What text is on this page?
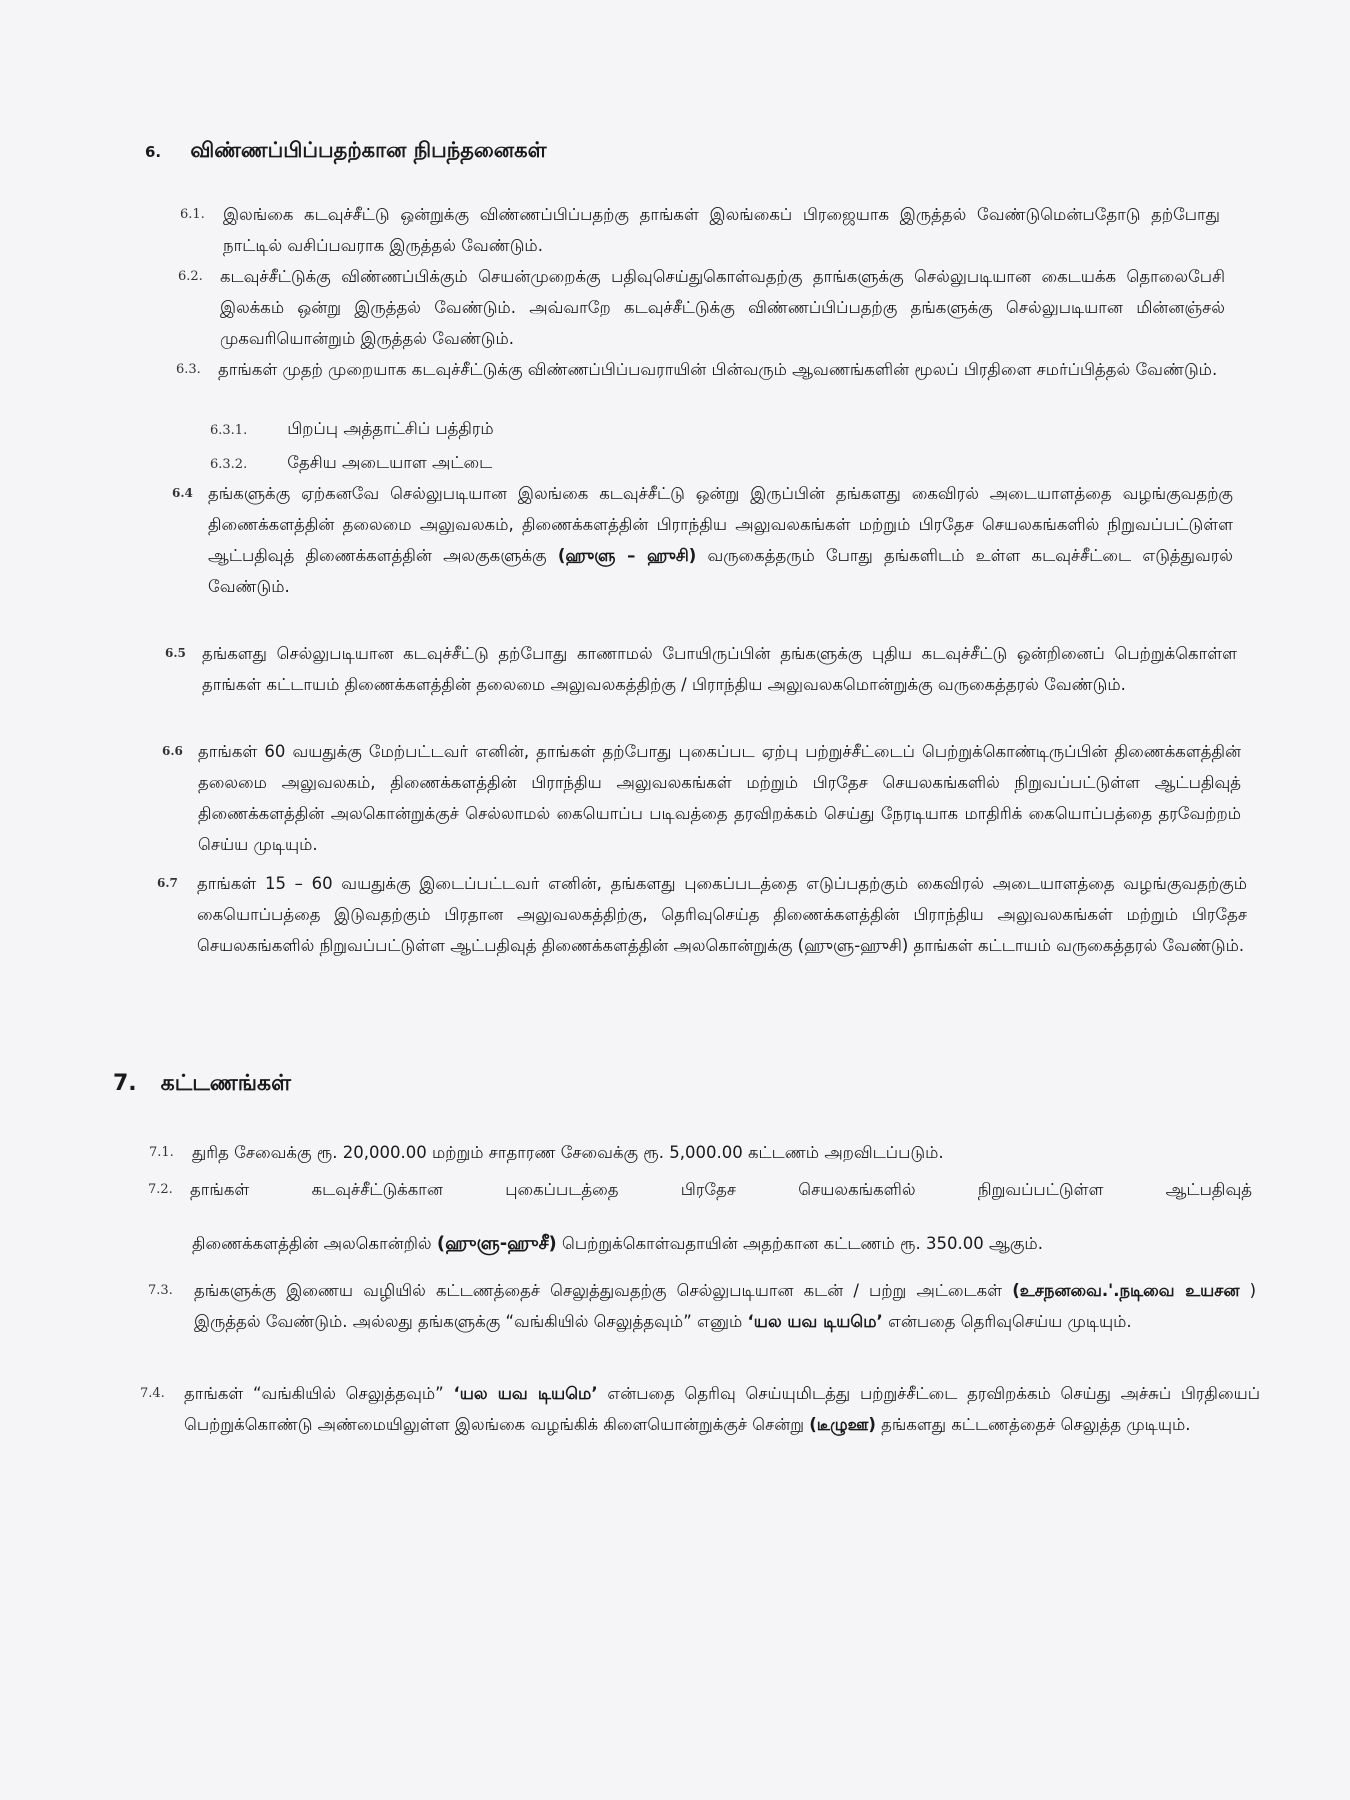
6. விண்ணப்பிப்பதற்கான நிபந்தனைகள்
6.1. இலங்கை கடவுச்சீட்டு ஒன்றுக்கு விண்ணப்பிப்பதற்கு தாங்கள் இலங்கைப் பிரஜையாக இருத்தல் வேண்டுமென்பதோடு தற்போது நாட்டில் வசிப்பவராக இருத்தல் வேண்டும்.
6.2. கடவுச்சீட்டுக்கு விண்ணப்பிக்கும் செயன்முறைக்கு பதிவுசெய்துகொள்வதற்கு தாங்களுக்கு செல்லுபடியான கைடயக்க தொலைபேசி இலக்கம் ஒன்று இருத்தல் வேண்டும். அவ்வாறே கடவுச்சீட்டுக்கு விண்ணப்பிப்பதற்கு தங்களுக்கு செல்லுபடியான மின்னஞ்சல் முகவரியொன்றும் இருத்தல் வேண்டும்.
6.3. தாங்கள் முதற் முறையாக கடவுச்சீட்டுக்கு விண்ணப்பிப்பவராயின் பின்வரும் ஆவணங்களின் மூலப் பிரதிளை சமர்ப்பித்தல் வேண்டும்.
6.3.1. பிறப்பு அத்தாட்சிப் பத்திரம்
6.3.2. தேசிய அடையாள அட்டை
6.4 தங்களுக்கு ஏற்கனவே செல்லுபடியான இலங்கை கடவுச்சீட்டு ஒன்று இருப்பின் தங்களது கைவிரல் அடையாளத்தை வழங்குவதற்கு திணைக்களத்தின் தலைமை அலுவலகம், திணைக்களத்தின் பிராந்திய அலுவலகங்கள் மற்றும் பிரதேச செயலகங்களில் நிறுவப்பட்டுள்ள ஆட்பதிவுத் திணைக்களத்தின் அலகுகளுக்கு (ஹுளு – ஹுசி) வருகைத்தரும் போது தங்களிடம் உள்ள கடவுச்சீட்டை எடுத்துவரல் வேண்டும்.
6.5 தங்களது செல்லுபடியான கடவுச்சீட்டு தற்போது காணாமல் போயிருப்பின் தங்களுக்கு புதிய கடவுச்சீட்டு ஒன்றினைப் பெற்றுக்கொள்ள தாங்கள் கட்டாயம் திணைக்களத்தின் தலைமை அலுவலகத்திற்கு / பிராந்திய அலுவலகமொன்றுக்கு வருகைத்தரல் வேண்டும்.
6.6 தாங்கள் 60 வயதுக்கு மேற்பட்டவர் எனின், தாங்கள் தற்போது புகைப்பட ஏற்பு பற்றுச்சீட்டைப் பெற்றுக்கொண்டிருப்பின் திணைக்களத்தின் தலைமை அலுவலகம், திணைக்களத்தின் பிராந்திய அலுவலகங்கள் மற்றும் பிரதேச செயலகங்களில் நிறுவப்பட்டுள்ள ஆட்பதிவுத் திணைக்களத்தின் அலகொன்றுக்குச் செல்லாமல் கையொப்ப படிவத்தை தரவிறக்கம் செய்து நேரடியாக மாதிரிக் கையொப்பத்தை தரவேற்றம் செய்ய முடியும்.
6.7 தாங்கள் 15 – 60 வயதுக்கு இடைப்பட்டவர் எனின், தங்களது புகைப்படத்தை எடுப்பதற்கும் கைவிரல் அடையாளத்தை வழங்குவதற்கும் கையொப்பத்தை இடுவதற்கும் பிரதான அலுவலகத்திற்கு, தெரிவுசெய்த திணைக்களத்தின் பிராந்திய அலுவலகங்கள் மற்றும் பிரதேச செயலகங்களில் நிறுவப்பட்டுள்ள ஆட்பதிவுத் திணைக்களத்தின் அலகொன்றுக்கு (ஹுளு-ஹுசி) தாங்கள் கட்டாயம் வருகைத்தரல் வேண்டும்.
7. கட்டணங்கள்
7.1. துரித சேவைக்கு ரூ. 20,000.00 மற்றும் சாதாரண சேவைக்கு ரூ. 5,000.00 கட்டணம் அறவிடப்படும்.
7.2. தாங்கள் கடவுச்சீட்டுக்கான புகைப்படத்தை பிரதேச செயலகங்களில் நிறுவப்பட்டுள்ள ஆட்பதிவுத்
திணைக்களத்தின் அலகொன்றில் (ஹுளு-ஹுசீ) பெற்றுக்கொள்வதாயின் அதற்கான கட்டணம் ரூ. 350.00 ஆகும்.
7.3. தங்களுக்கு இணைய வழியில் கட்டணத்தைச் செலுத்துவதற்கு செல்லுபடியான கடன் / பற்று அட்டைகள் (உசநனவை.'.நடிவை உயசன ) இருத்தல் வேண்டும். அல்லது தங்களுக்கு “வங்கியில் செலுத்தவும்” எனும் ‘யல யவ டியமெ’ என்பதை தெரிவுசெய்ய முடியும்.
7.4. தாங்கள் “வங்கியில் செலுத்தவும்” ‘யல யவ டியமெ’ என்பதை தெரிவு செய்யுமிடத்து பற்றுச்சீட்டை தரவிறக்கம் செய்து அச்சுப் பிரதியைப் பெற்றுக்கொண்டு அண்மையிலுள்ள இலங்கை வழங்கிக் கிளையொன்றுக்குச் சென்று (டீழுஊ) தங்களது கட்டணத்தைச் செலுத்த முடியும்.
